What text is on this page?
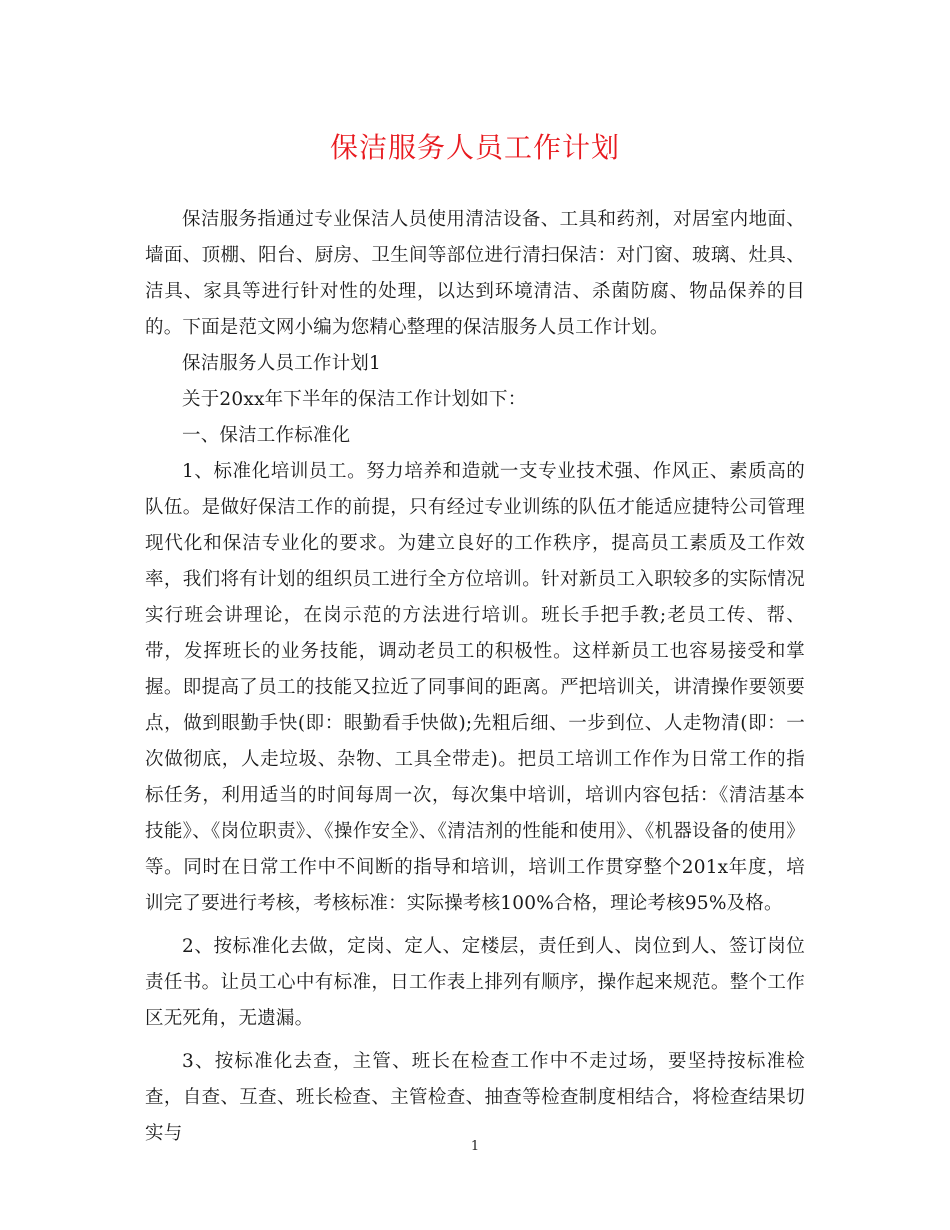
保洁服务人员工作计划

保洁服务指通过专业保洁人员使用清洁设备、工具和药剂，对居室内地面、墙面、顶棚、阳台、厨房、卫生间等部位进行清扫保洁：对门窗、玻璃、灶具、洁具、家具等进行针对性的处理，以达到环境清洁、杀菌防腐、物品保养的目的。下面是范文网小编为您精心整理的保洁服务人员工作计划。

保洁服务人员工作计划1

关于20xx年下半年的保洁工作计划如下：

一、保洁工作标准化

1、标准化培训员工。努力培养和造就一支专业技术强、作风正、素质高的队伍。是做好保洁工作的前提，只有经过专业训练的队伍才能适应捷特公司管理现代化和保洁专业化的要求。为建立良好的工作秩序，提高员工素质及工作效率，我们将有计划的组织员工进行全方位培训。针对新员工入职较多的实际情况实行班会讲理论，在岗示范的方法进行培训。班长手把手教;老员工传、帮、带，发挥班长的业务技能，调动老员工的积极性。这样新员工也容易接受和掌握。即提高了员工的技能又拉近了同事间的距离。严把培训关，讲清操作要领要点，做到眼勤手快(即：眼勤看手快做);先粗后细、一步到位、人走物清(即：一次做彻底，人走垃圾、杂物、工具全带走)。把员工培训工作作为日常工作的指标任务，利用适当的时间每周一次，每次集中培训，培训内容包括：《清洁基本技能》、《岗位职责》、《操作安全》、《清洁剂的性能和使用》、《机器设备的使用》等。同时在日常工作中不间断的指导和培训，培训工作贯穿整个201x年度，培训完了要进行考核，考核标准：实际操考核100%合格，理论考核95%及格。

2、按标准化去做，定岗、定人、定楼层，责任到人、岗位到人、签订岗位责任书。让员工心中有标准，日工作表上排列有顺序，操作起来规范。整个工作区无死角，无遗漏。

3、按标准化去查，主管、班长在检查工作中不走过场，要坚持按标准检查，自查、互查、班长检查、主管检查、抽查等检查制度相结合，将检查结果切实与

1
